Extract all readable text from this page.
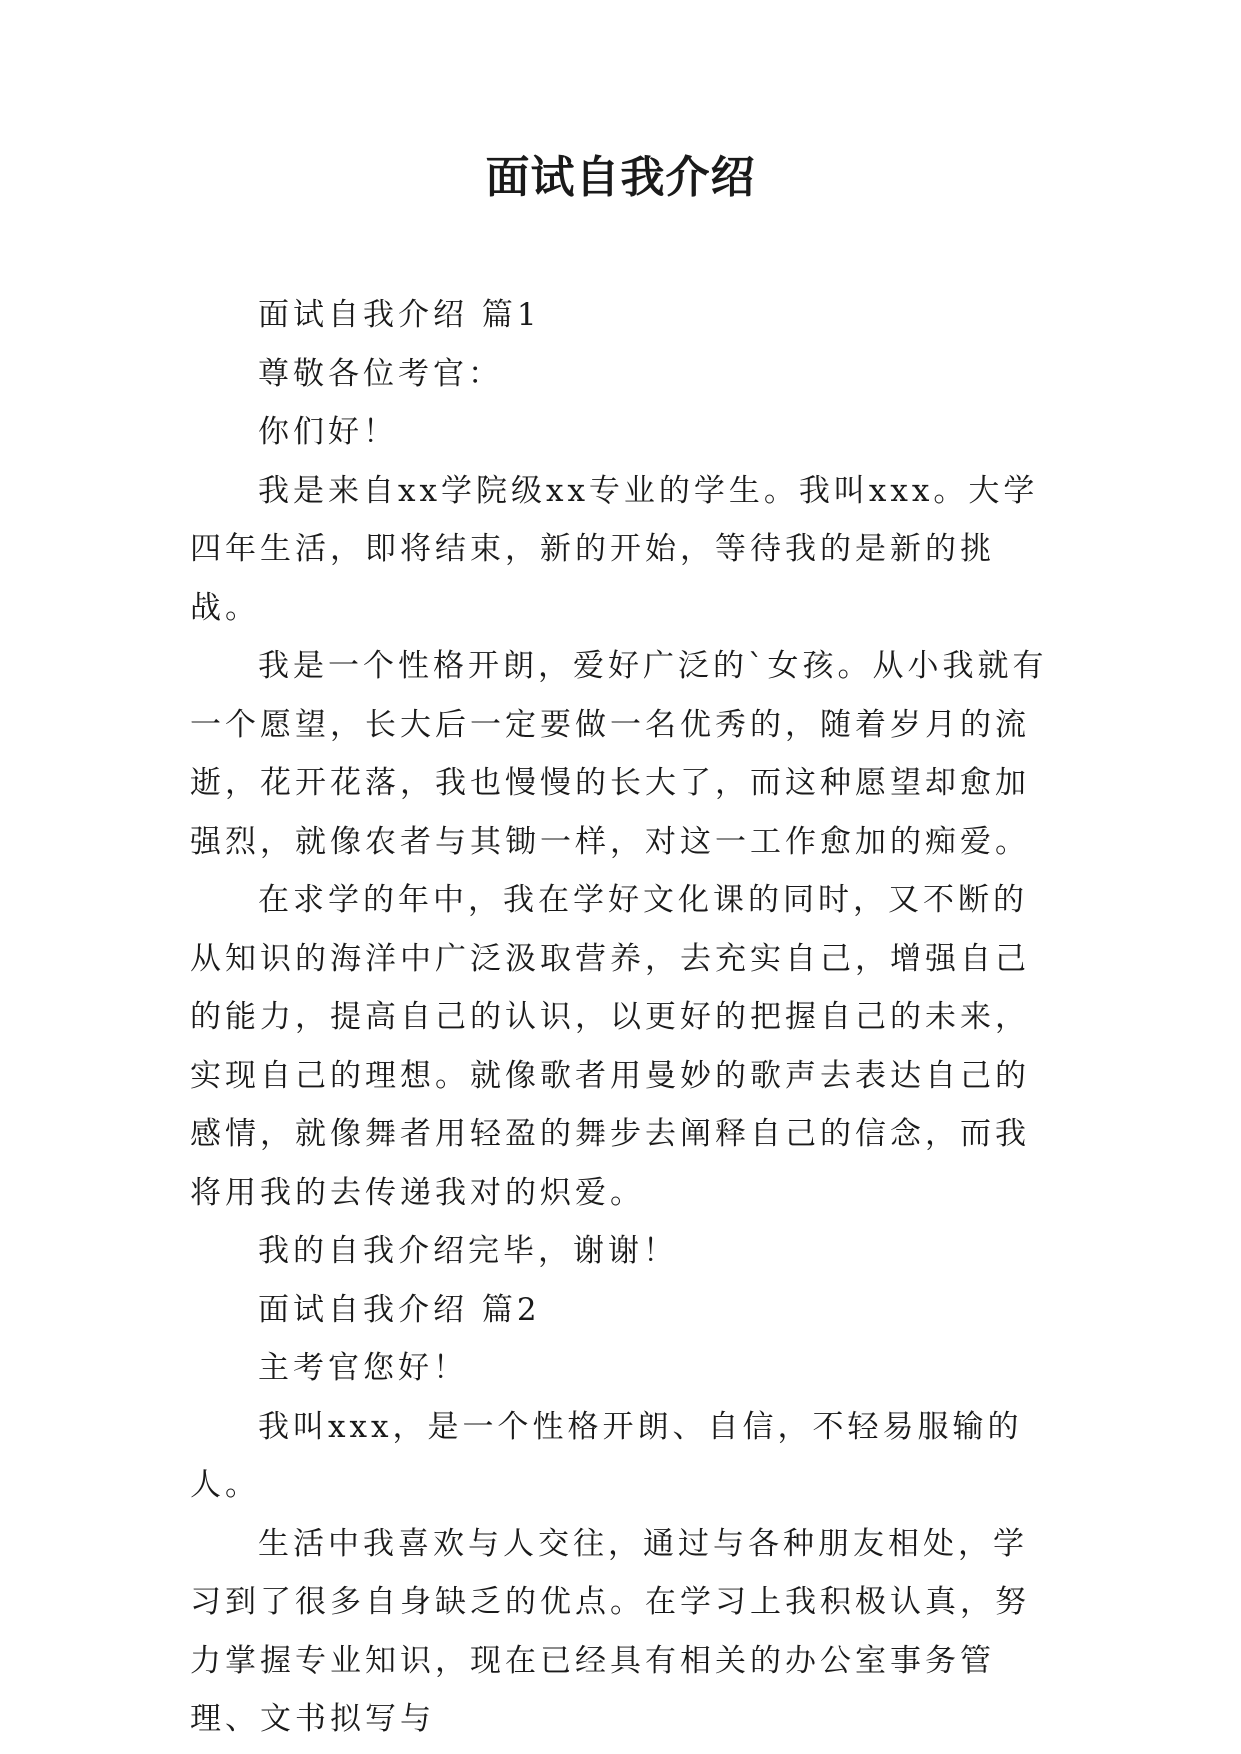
面试自我介绍

面试自我介绍 篇1

尊敬各位考官：

你们好！

我是来自xx学院级xx专业的学生。我叫xxx。大学四年生活，即将结束，新的开始，等待我的是新的挑战。

我是一个性格开朗，爱好广泛的`女孩。从小我就有一个愿望，长大后一定要做一名优秀的，随着岁月的流逝，花开花落，我也慢慢的长大了，而这种愿望却愈加强烈，就像农者与其锄一样，对这一工作愈加的痴爱。

在求学的年中，我在学好文化课的同时，又不断的从知识的海洋中广泛汲取营养，去充实自己，增强自己的能力，提高自己的认识，以更好的把握自己的未来，实现自己的理想。就像歌者用曼妙的歌声去表达自己的感情，就像舞者用轻盈的舞步去阐释自己的信念，而我将用我的去传递我对的炽爱。

我的自我介绍完毕，谢谢！

面试自我介绍 篇2

主考官您好！

我叫xxx，是一个性格开朗、自信，不轻易服输的人。

生活中我喜欢与人交往，通过与各种朋友相处，学习到了很多自身缺乏的优点。在学习上我积极认真，努力掌握专业知识，现在已经具有相关的办公室事务管理、文书拟写与
